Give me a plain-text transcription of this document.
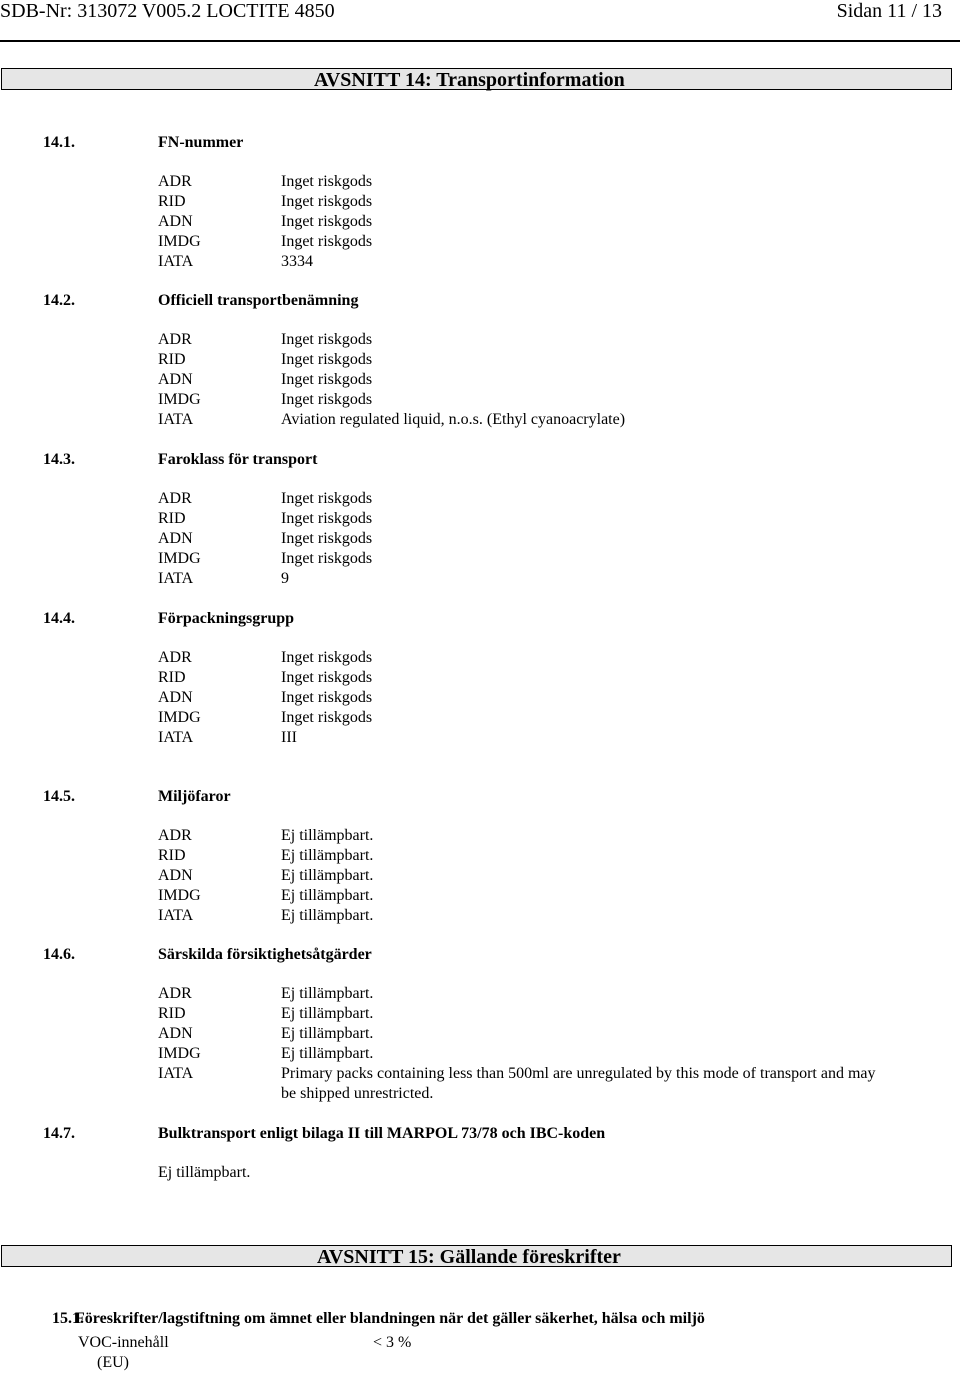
SDB-Nr: 313072 V005.2 LOCTITE 4850	Sidan 11 / 13
AVSNITT 14: Transportinformation
14.1.	FN-nummer
ADR	Inget riskgods
RID	Inget riskgods
ADN	Inget riskgods
IMDG	Inget riskgods
IATA	3334
14.2.	Officiell transportbenämning
ADR	Inget riskgods
RID	Inget riskgods
ADN	Inget riskgods
IMDG	Inget riskgods
IATA	Aviation regulated liquid, n.o.s. (Ethyl cyanoacrylate)
14.3.	Faroklass för transport
ADR	Inget riskgods
RID	Inget riskgods
ADN	Inget riskgods
IMDG	Inget riskgods
IATA	9
14.4.	Förpackningsgrupp
ADR	Inget riskgods
RID	Inget riskgods
ADN	Inget riskgods
IMDG	Inget riskgods
IATA	III
14.5.	Miljöfaror
ADR	Ej tillämpbart.
RID	Ej tillämpbart.
ADN	Ej tillämpbart.
IMDG	Ej tillämpbart.
IATA	Ej tillämpbart.
14.6.	Särskilda försiktighetsåtgärder
ADR	Ej tillämpbart.
RID	Ej tillämpbart.
ADN	Ej tillämpbart.
IMDG	Ej tillämpbart.
IATA	Primary packs containing less than 500ml are unregulated by this mode of transport and may be shipped unrestricted.
14.7.	Bulktransport enligt bilaga II till MARPOL 73/78 och IBC-koden
Ej tillämpbart.
AVSNITT 15: Gällande föreskrifter
15.1.
Föreskrifter/lagstiftning om ämnet eller blandningen när det gäller säkerhet, hälsa och miljö
VOC-innehåll	< 3 %
(EU)
